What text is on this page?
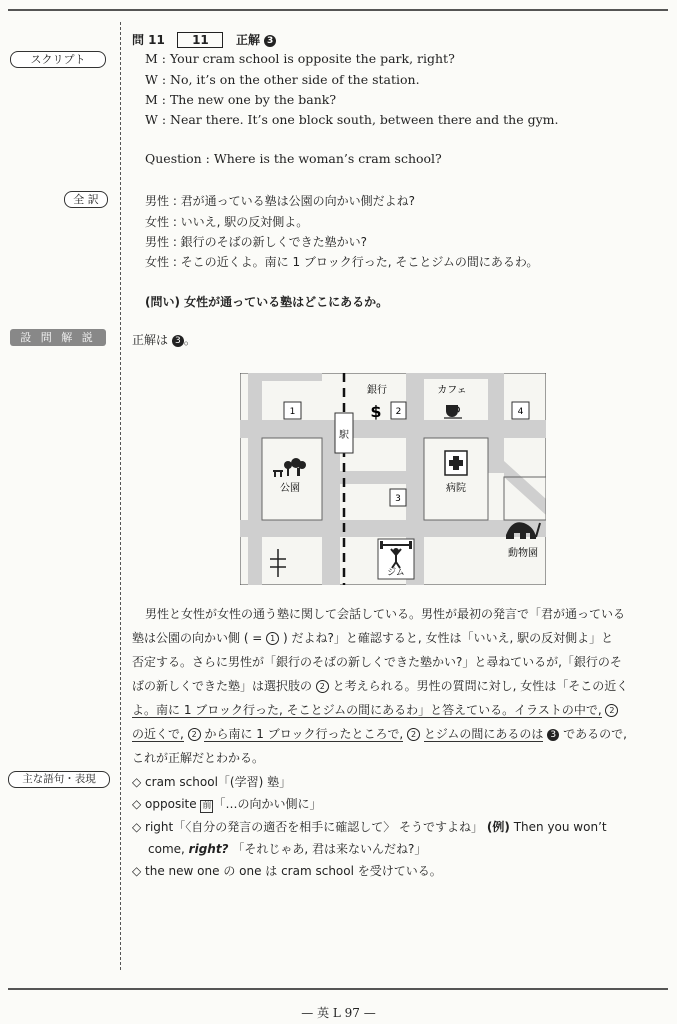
スクリプト
全 訳
設 問 解 説
主な語句・表現
問 11 11 正解 3
M : Your cram school is opposite the park, right?
W : No, it’s on the other side of the station.
M : The new one by the bank?
W : Near there. It’s one block south, between there and the gym.
Question : Where is the woman’s cram school?
男性 : 君が通っている塾は公園の向かい側だよね?
女性 : いいえ, 駅の反対側よ。
男性 : 銀行のそばの新しくできた塾かい?
女性 : そこの近くよ。南に 1 ブロック行った, そことジムの間にあるわ。
(問い) 女性が通っている塾はどこにあるか。
正解は 3 。
駅
1	2
3
4
銀行
$
カフェ
公園	病院
ジム
動物園
男性と女性が女性の通う塾に関して会話している。男性が最初の発言で「君が通っている
塾は公園の向かい側 ( = 1 ) だよね?」と確認すると, 女性は「いいえ, 駅の反対側よ」と
否定する。さらに男性が「銀行のそばの新しくできた塾かい?」と尋ねているが,「銀行のそ
ばの新しくできた塾」は選択肢の 2 と考えられる。男性の質問に対し, 女性は「そこの近く
よ。南に 1 ブロック行った, そことジムの間にあるわ」と答えている。イラストの中で, 2
の近くで, 2 から南に 1 ブロック行ったところで, 2 とジムの間にあるのは 3 であるので,
これが正解だとわかる。
◇ cram school「(学習) 塾」
◇ opposite 前 「…の向かい側に」
◇ right「〈自分の発言の適否を相手に確認して〉 そうですよね」 (例) Then you won’t
come, right? 「それじゃあ, 君は来ないんだね?」
◇ the new one の one は cram school を受けている。
— 英 L 97 —
